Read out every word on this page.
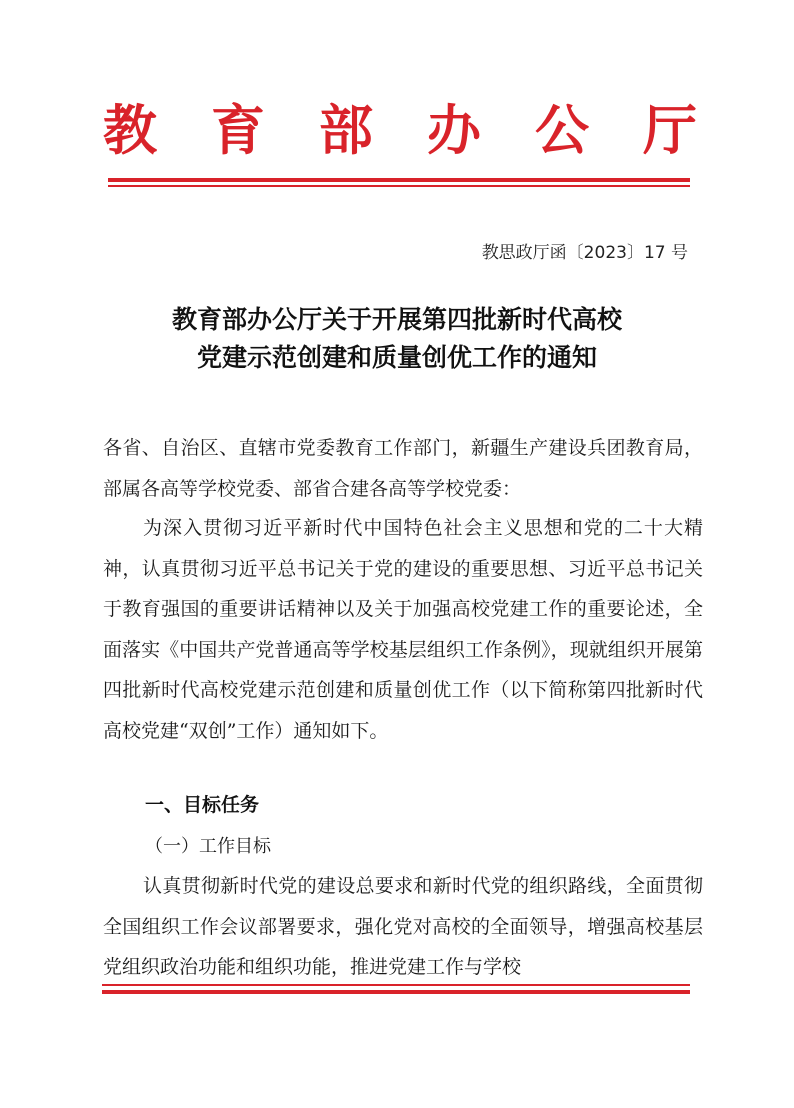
教 育 部 办 公 厅
教思政厅函〔2023〕17 号
教育部办公厅关于开展第四批新时代高校
党建示范创建和质量创优工作的通知
各省、自治区、直辖市党委教育工作部门，新疆生产建设兵团教育局，部属各高等学校党委、部省合建各高等学校党委：
为深入贯彻习近平新时代中国特色社会主义思想和党的二十大精神，认真贯彻习近平总书记关于党的建设的重要思想、习近平总书记关于教育强国的重要讲话精神以及关于加强高校党建工作的重要论述，全面落实《中国共产党普通高等学校基层组织工作条例》，现就组织开展第四批新时代高校党建示范创建和质量创优工作（以下简称第四批新时代高校党建“双创”工作）通知如下。
一、目标任务
（一）工作目标
认真贯彻新时代党的建设总要求和新时代党的组织路线，全面贯彻全国组织工作会议部署要求，强化党对高校的全面领导，增强高校基层党组织政治功能和组织功能，推进党建工作与学校
